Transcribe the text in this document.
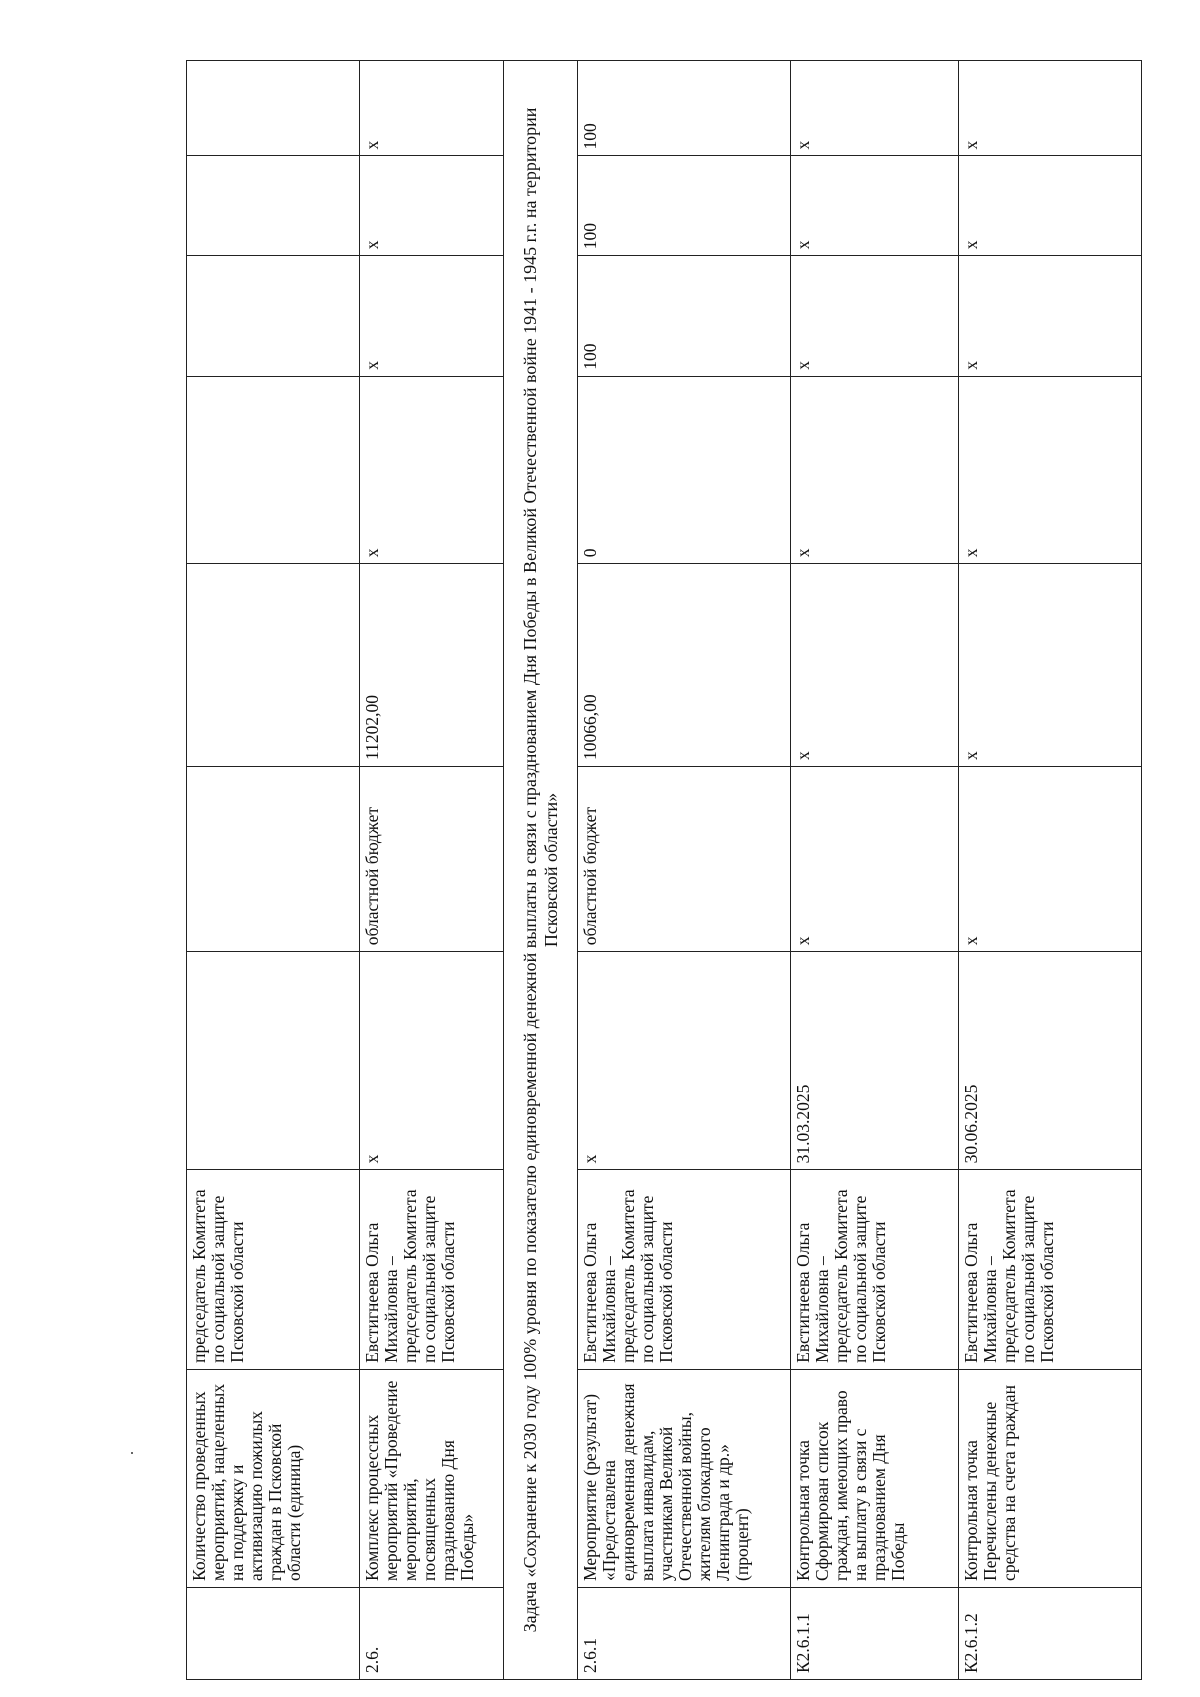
	Количество проведенных мероприятий, нацеленных на поддержку и активизацию пожилых граждан в Псковской области (единица)	председатель Комитета по социальной защите Псковской области							
2.6.	Комплекс процессных мероприятий «Проведение мероприятий, посвященных празднованию Дня Победы»	Евстигнеева Ольга Михайловна – председатель Комитета по социальной защите Псковской области	х	областной бюджет	11202,00	х	х	х	х
Задача «Сохранение к 2030 году 100% уровня по показателю единовременной денежной выплаты в связи с празднованием Дня Победы в Великой Отечественной войне 1941 - 1945 г.г. на территории Псковской области»									
2.6.1	Мероприятие (результат) «Предоставлена единовременная денежная выплата инвалидам, участникам Великой Отечественной войны, жителям блокадного Ленинграда и др.» (процент)	Евстигнеева Ольга Михайловна – председатель Комитета по социальной защите Псковской области	х	областной бюджет	10066,00	0	100	100	100
К2.6.1.1	Контрольная точка Сформирован список граждан, имеющих право на выплату в связи с празднованием Дня Победы	Евстигнеева Ольга Михайловна – председатель Комитета по социальной защите Псковской области	31.03.2025	х	х	х	х	х	х
К2.6.1.2	Контрольная точка Перечислены денежные средства на счета граждан	Евстигнеева Ольга Михайловна – председатель Комитета по социальной защите Псковской области	30.06.2025	х	х	х	х	х	х
